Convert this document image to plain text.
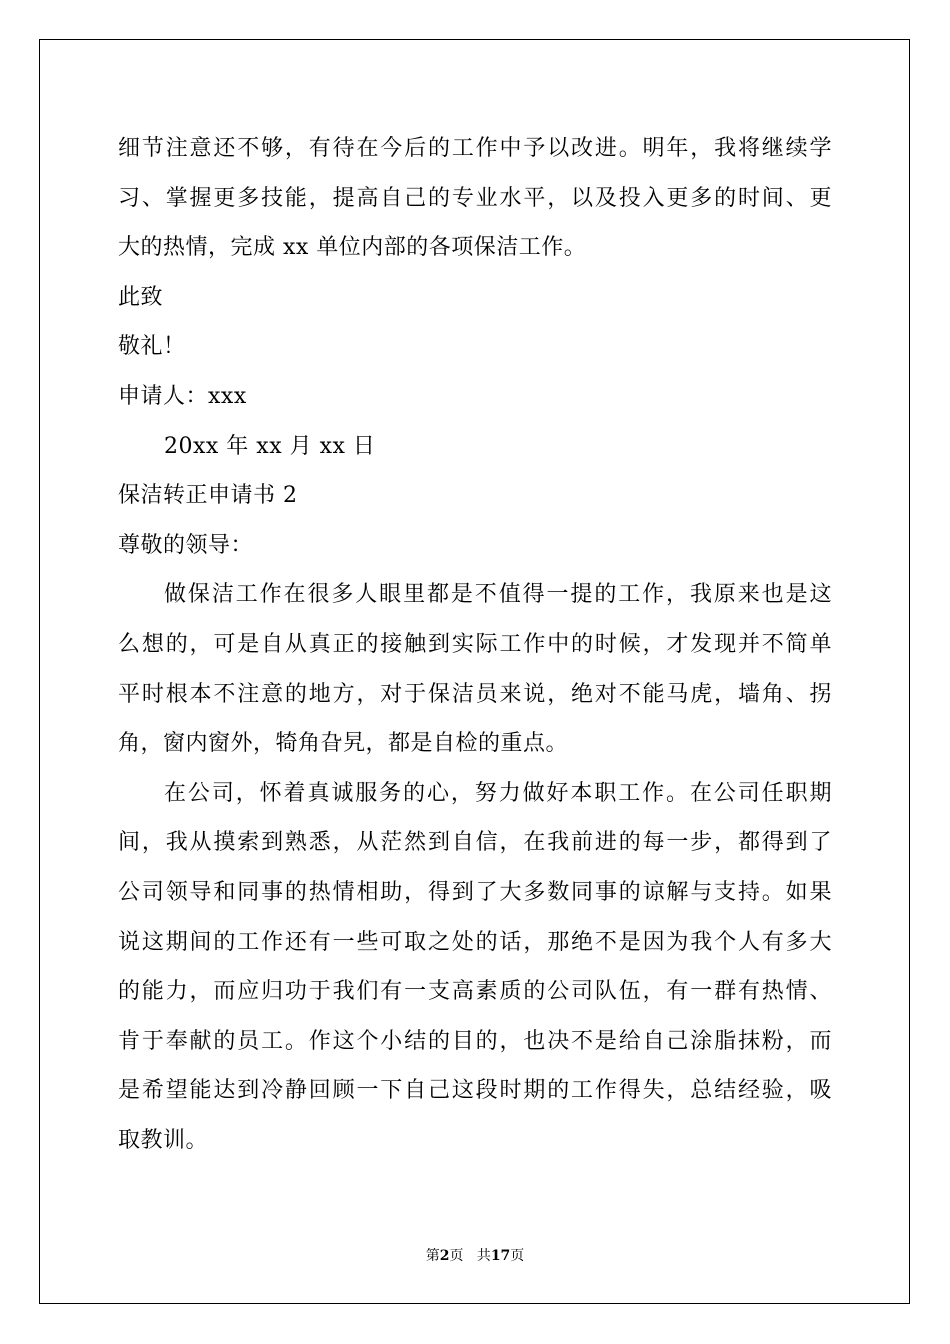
细节注意还不够，有待在今后的工作中予以改进。明年，我将继续学
习、掌握更多技能，提高自己的专业水平，以及投入更多的时间、更
大的热情，完成 xx 单位内部的各项保洁工作。
此致
敬礼！
申请人：xxx
20xx 年 xx 月 xx 日
保洁转正申请书 2
尊敬的领导：
做保洁工作在很多人眼里都是不值得一提的工作，我原来也是这
么想的，可是自从真正的接触到实际工作中的时候，才发现并不简单
平时根本不注意的地方，对于保洁员来说，绝对不能马虎，墙角、拐
角，窗内窗外，犄角旮旯，都是自检的重点。
在公司，怀着真诚服务的心，努力做好本职工作。在公司任职期
间，我从摸索到熟悉，从茫然到自信，在我前进的每一步，都得到了
公司领导和同事的热情相助，得到了大多数同事的谅解与支持。如果
说这期间的工作还有一些可取之处的话，那绝不是因为我个人有多大
的能力，而应归功于我们有一支高素质的公司队伍，有一群有热情、
肯于奉献的员工。作这个小结的目的，也决不是给自己涂脂抹粉，而
是希望能达到冷静回顾一下自己这段时期的工作得失，总结经验，吸
取教训。
第2页 共17页
